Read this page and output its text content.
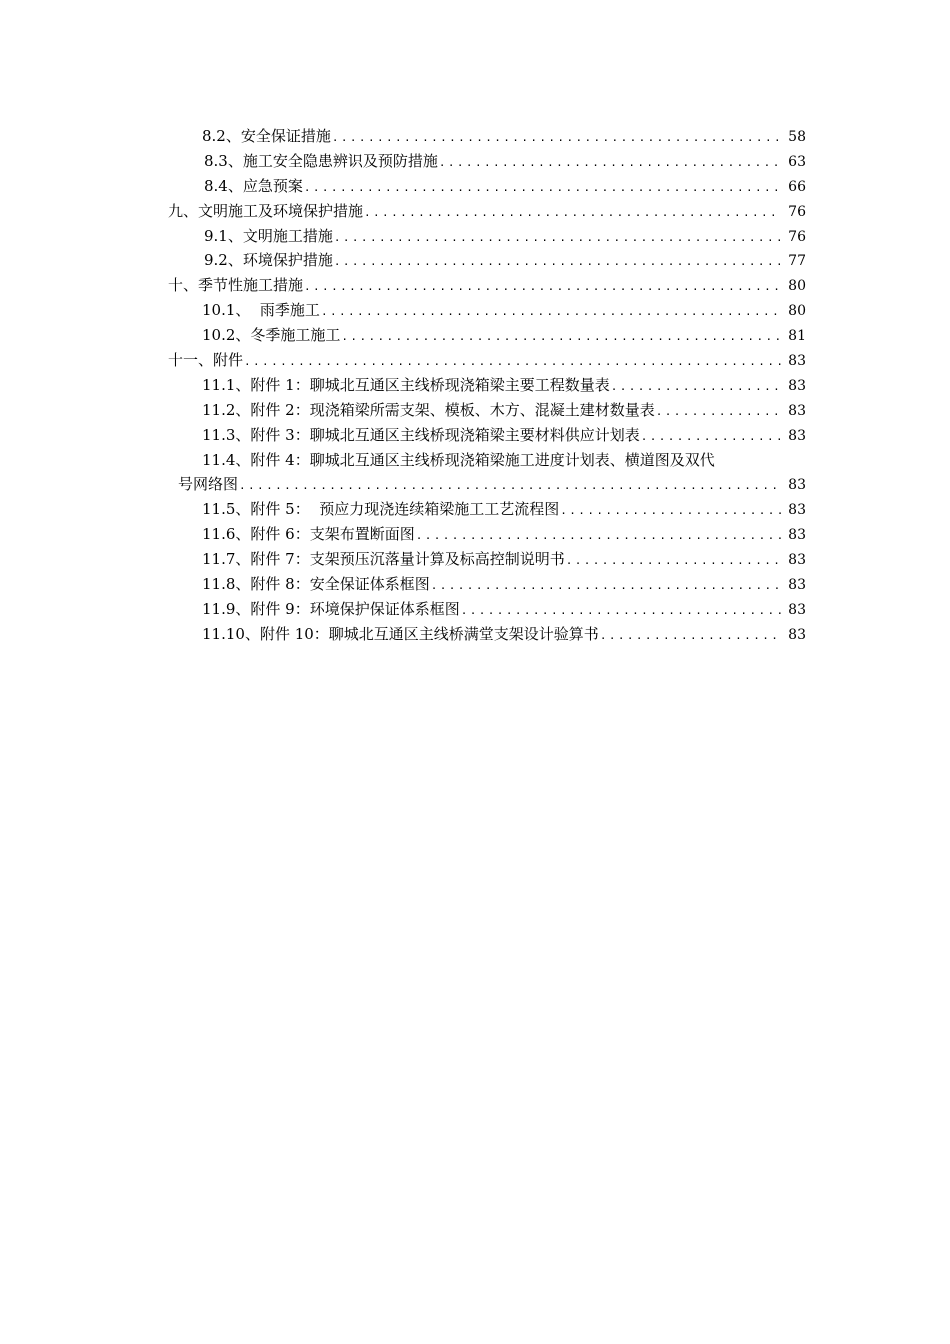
8.2、安全保证措施 .....	58
8.3、施工安全隐患辨识及预防措施 .....	63
8.4、应急预案 .....	66
九、文明施工及环境保护措施 .....	76
9.1、文明施工措施 .....	76
9.2、环境保护措施 .....	77
十、季节性施工措施 .....	80
10.1、  雨季施工 .....	80
10.2、冬季施工施工 .....	81
十一、附件 .....	83
11.1、附件 1：聊城北互通区主线桥现浇箱梁主要工程数量表 .....	83
11.2、附件 2：现浇箱梁所需支架、模板、木方、混凝土建材数量表 .....	83
11.3、附件 3：聊城北互通区主线桥现浇箱梁主要材料供应计划表 .....	83
11.4、附件 4：聊城北互通区主线桥现浇箱梁施工进度计划表、横道图及双代
号网络图 .....	83
11.5、附件 5：  预应力现浇连续箱梁施工工艺流程图 .....	83
11.6、附件 6：支架布置断面图 .....	83
11.7、附件 7：支架预压沉落量计算及标高控制说明书 .....	83
11.8、附件 8：安全保证体系框图 .....	83
11.9、附件 9：环境保护保证体系框图 .....	83
11.10、附件 10：聊城北互通区主线桥满堂支架设计验算书 .....	83
